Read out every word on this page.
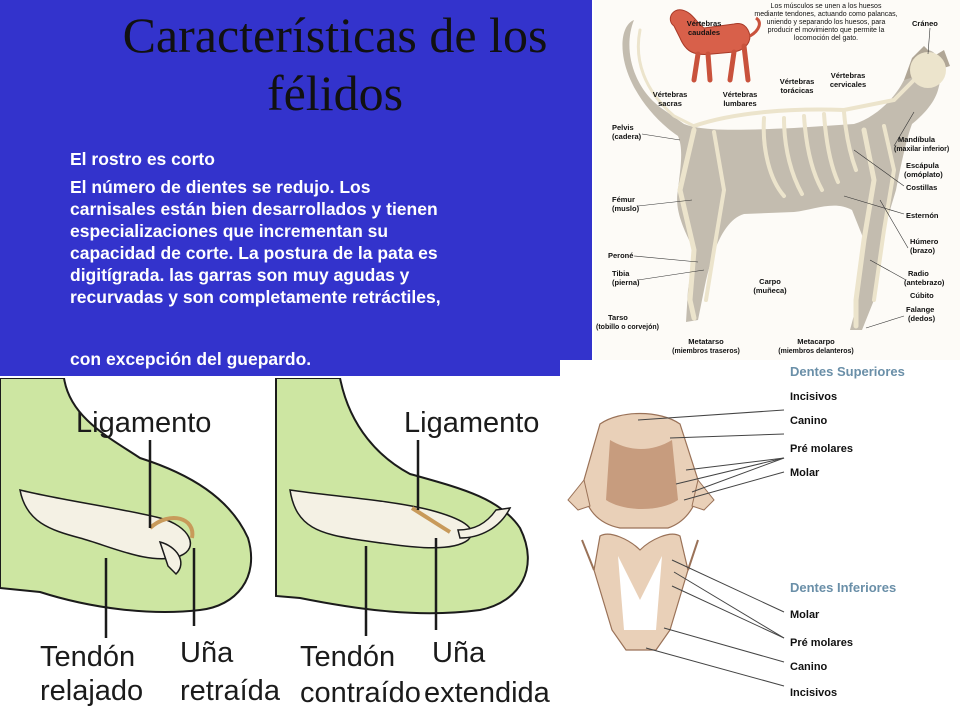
Características de los
félidos

El rostro es corto

El número de dientes se redujo. Los
carnisales están bien desarrollados y tienen
especializaciones que incrementan su
capacidad de corte. La postura de la pata es
digitígrada. las garras son muy agudas y
recurvadas y son completamente retráctiles,

con excepción del guepardo.

Los músculos se unen a los huesos
mediante tendones, actuando como palancas,
uniendo y separando los huesos, para
producir el movimiento que permite la
locomoción del gato.
Cráneo
Vértebras
caudales
Vértebras
sacras
Vértebras
lumbares
Vértebras
torácicas
Vértebras
cervicales
Pelvis
(cadera)	Mandíbula
(maxilar inferior)
Escápula
(omóplato)
Costillas
Fémur
(muslo)
Esternón
Húmero
(brazo)
Peroné
Tibia
(pierna)	Carpo
(muñeca)
Radio
(antebrazo)
Cúbito
Falange
(dedos)
Tarso
(tobillo o corvejón)
Metatarso
(miembros traseros)
Metacarpo
(miembros delanteros)
Ligamento	Ligamento
Tendón
relajado
Uña
retraída
Tendón
contraído
Uña
extendida
Dentes Superiores
Incisivos
Canino
Pré molares
Molar
Dentes Inferiores
Molar
Pré molares
Canino
Incisivos
